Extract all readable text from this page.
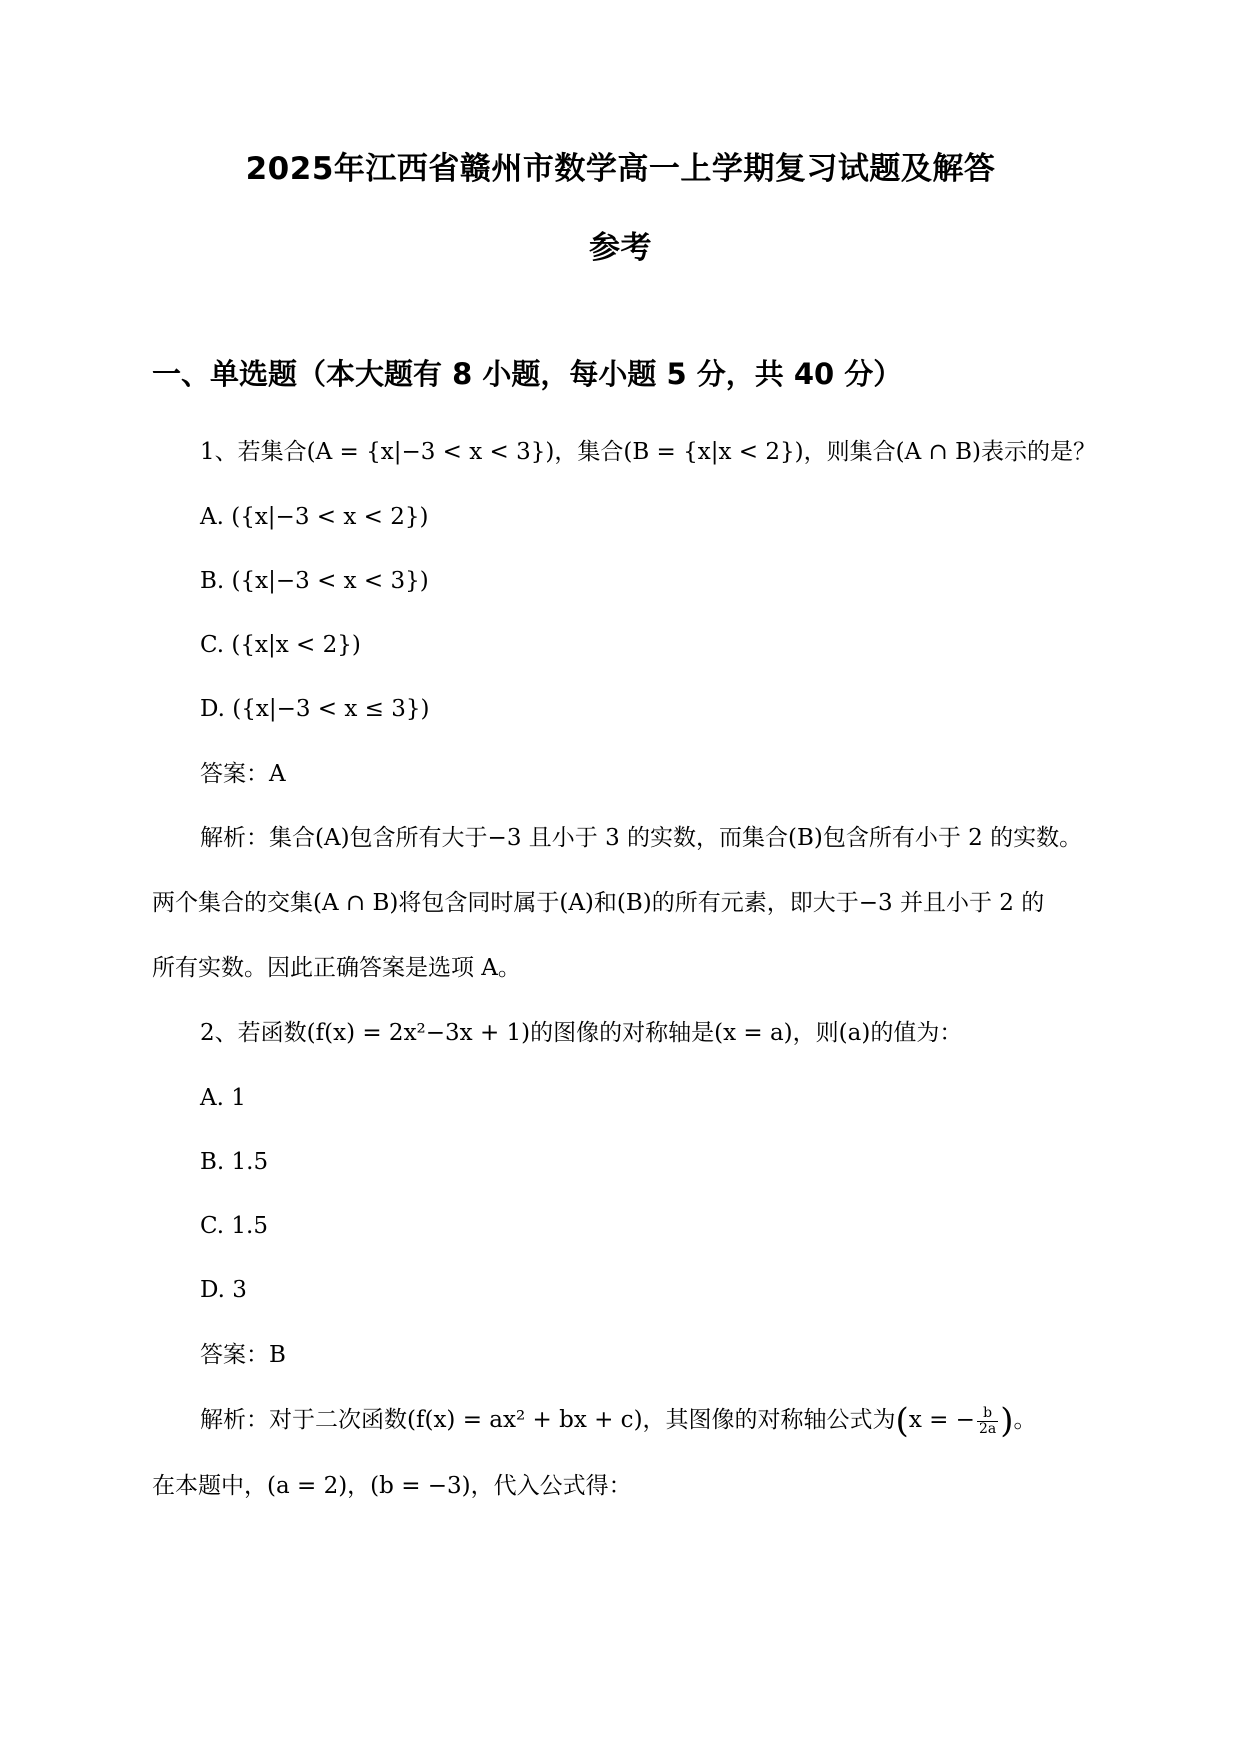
2025年江西省赣州市数学高一上学期复习试题及解答
参考
一、单选题（本大题有 8 小题，每小题 5 分，共 40 分）
1、若集合(A = {x|−3 < x < 3})，集合(B = {x|x < 2})，则集合(A ∩ B)表示的是？
A. ({x|−3 < x < 2})
B. ({x|−3 < x < 3})
C. ({x|x < 2})
D. ({x|−3 < x ≤ 3})
答案：A
解析：集合(A)包含所有大于−3 且小于 3 的实数，而集合(B)包含所有小于 2 的实数。
两个集合的交集(A ∩ B)将包含同时属于(A)和(B)的所有元素，即大于−3 并且小于 2 的
所有实数。因此正确答案是选项 A。
2、若函数(f(x) = 2x²−3x + 1)的图像的对称轴是(x = a)，则(a)的值为：
A. 1
B. 1.5
C. 1.5
D. 3
答案：B
解析：对于二次函数(f(x) = ax² + bx + c)，其图像的对称轴公式为(x = − $\frac{b}{2a}$ )。
在本题中，(a = 2)，(b = −3)，代入公式得：
